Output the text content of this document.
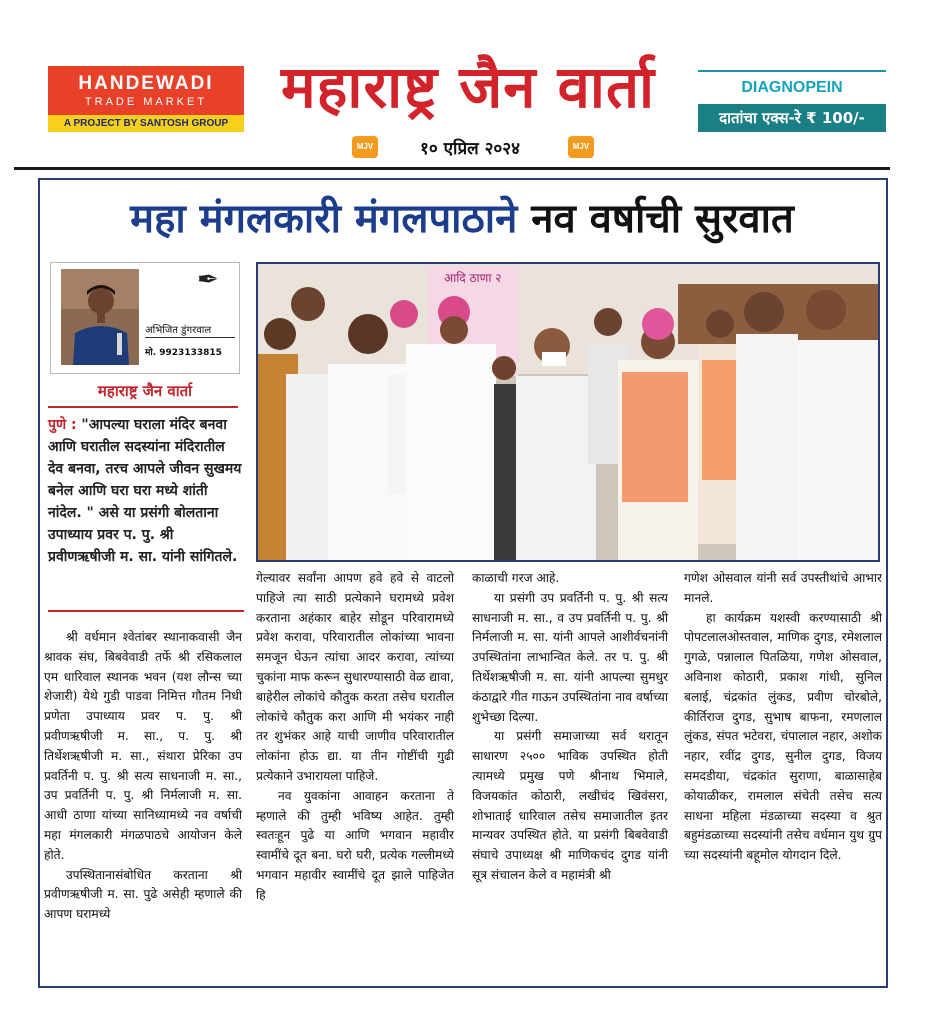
HANDEWADI
TRADE MARKET
A PROJECT BY SANTOSH GROUP
महाराष्ट्र जैन वार्ता
MJV	१० एप्रिल २०२४	MJV
DIAGNOPEIN
दातांचा एक्स-रे ₹ 100/-
महा मंगलकारी मंगलपाठाने नव वर्षाची सुरवात
✒
अभिजित डुंगरवाल
मो. 9923133815
महाराष्ट्र जैन वार्ता
पुणे : "आपल्या घराला मंदिर बनवा आणि घरातील सदस्यांना मंदिरातील देव बनवा, तरच आपले जीवन सुखमय बनेल आणि घरा घरा मध्ये शांती नांदेल. " असे या प्रसंगी बोलताना उपाध्याय प्रवर प. पु. श्री प्रवीणऋषीजी म. सा. यांनी सांगितले.
आदि ठाणा २

श्री वर्धमान श्वेतांबर स्थानाकवासी जैन श्रावक संघ, बिबवेवाडी तर्फे श्री रसिकलाल एम धारिवाल स्थानक भवन (यश लौन्स च्या शेजारी) येथे गुडी पाडवा निमित्त गौतम निधी प्रणेता उपाध्याय प्रवर प. पु. श्री प्रवीणऋषीजी म. सा., प. पु. श्री तिर्थेशऋषीजी म. सा., संथारा प्रेरिका उप प्रवर्तिनी प. पु. श्री सत्य साधनाजी म. सा., उप प्रवर्तिनी प. पु. श्री निर्मलाजी म. सा. आधी ठाणा यांच्या सानिध्यामध्ये नव वर्षाची महा मंगलकारी मंगळपाठचे आयोजन केले होते.

उपस्थितानासंबोधित करताना श्री प्रवीणऋषीजी म. सा. पुढे असेही म्हणाले की आपण घरामध्ये

गेल्यावर सर्वांना आपण हवे हवे से वाटलो पाहिजे त्या साठी प्रत्येकाने घरामध्ये प्रवेश करताना अहंकार बाहेर सोडून परिवारामध्ये प्रवेश करावा, परिवारातील लोकांच्या भावना समजून घेऊन त्यांचा आदर करावा, त्यांच्या चुकांना माफ करून सुधारण्यासाठी वेळ द्यावा, बाहेरील लोकांचे कौतुक करता तसेच घरातील लोकांचे कौतुक करा आणि मी भयंकर नाही तर शुभंकर आहे याची जाणीव परिवारातील लोकांना होऊ द्या. या तीन गोष्टींची गुढी प्रत्येकाने उभारायला पाहिजे.

नव युवकांना आवाहन करताना ते म्हणाले की तुम्ही भविष्य आहेत. तुम्ही स्वतःहून पुढे या आणि भगवान महावीर स्वामींचे दूत बना. घरो घरी, प्रत्येक गल्लीमध्ये भगवान महावीर स्वामींचे दूत झाले पाहिजेत हि

काळाची गरज आहे.

या प्रसंगी उप प्रवर्तिनी प. पु. श्री सत्य साधनाजी म. सा., व उप प्रवर्तिनी प. पु. श्री निर्मलाजी म. सा. यांनी आपले आशीर्वचनांनी उपस्थितांना लाभान्वित केले. तर प. पु. श्री तिर्थेशऋषीजी म. सा. यांनी आपल्या सुमधुर कंठाद्वारे गीत गाऊन उपस्थितांना नाव वर्षाच्या शुभेच्छा दिल्या.

या प्रसंगी समाजाच्या सर्व थरातून साधारण २५०० भाविक उपस्थित होती त्यामध्ये प्रमुख पणे श्रीनाथ भिमाले, विजयकांत कोठारी, लखीचंद खिवंसरा, शोभाताई धारिवाल तसेच समाजातील इतर मान्यवर उपस्थित होते. या प्रसंगी बिबवेवाडी संघाचे उपाध्यक्ष श्री माणिकचंद दुगड यांनी सूत्र संचालन केले व महामंत्री श्री

गणेश ओसवाल यांनी सर्व उपस्तीथांचे आभार मानले.

हा कार्यक्रम यशस्वी करण्यासाठी श्री पोपटलालओस्तवाल, माणिक दुगड, रमेशलाल गुगळे, पन्नालाल पितळिया, गणेश ओसवाल, अविनाश कोठारी, प्रकाश गांधी, सुनिल बलाई, चंद्रकांत लुंकड, प्रवीण चोरबोले, कीर्तिराज दुगड, सुभाष बाफना, रमणलाल लुंकड, संपत भटेवरा, चंपालाल नहार, अशोक नहार, रवींद्र दुगड, सुनील दुगड, विजय समदडीया, चंद्रकांत सुराणा, बाळासाहेब कोयाळीकर, रामलाल संचेती तसेच सत्य साधना महिला मंडळाच्या सदस्या व श्रुत बहुमंडळाच्या सदस्यांनी तसेच वर्धमान युथ ग्रुप च्या सदस्यांनी बहूमोल योगदान दिले.
